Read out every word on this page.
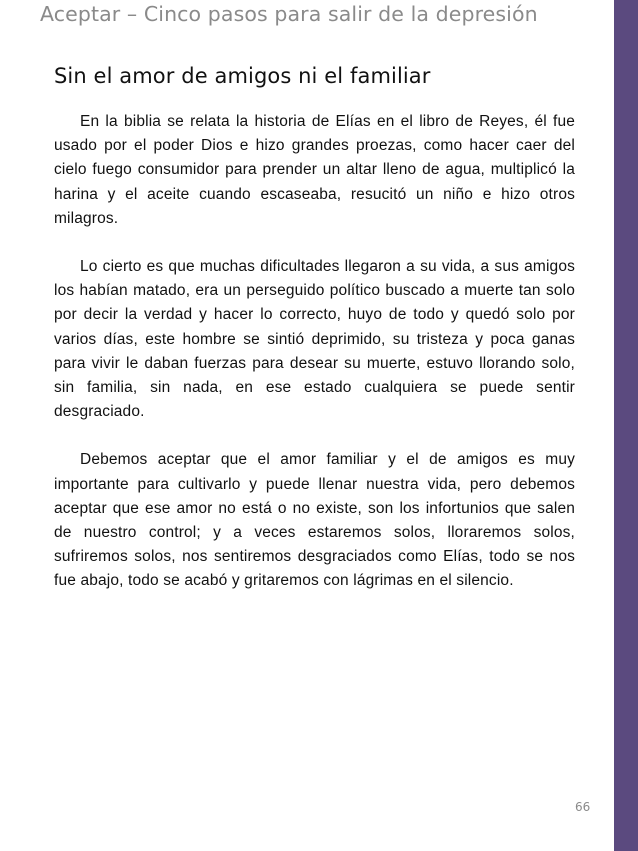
Aceptar – Cinco pasos para salir de la depresión
Sin el amor de amigos ni el familiar

En la biblia se relata la historia de Elías en el libro de Reyes, él fue usado por el poder Dios e hizo grandes proezas, como hacer caer del cielo fuego consumidor para prender un altar lleno de agua, multiplicó la harina y el aceite cuando escaseaba, resucitó un niño e hizo otros milagros.

Lo cierto es que muchas dificultades llegaron a su vida, a sus amigos los habían matado, era un perseguido político buscado a muerte tan solo por decir la verdad y hacer lo correcto, huyo de todo y quedó solo por varios días, este hombre se sintió deprimido, su tristeza y poca ganas para vivir le daban fuerzas para desear su muerte, estuvo llorando solo, sin familia, sin nada, en ese estado cualquiera se puede sentir desgraciado.

Debemos aceptar que el amor familiar y el de amigos es muy importante para cultivarlo y puede llenar nuestra vida, pero debemos aceptar que ese amor no está o no existe, son los infortunios que salen de nuestro control; y a veces estaremos solos, lloraremos solos, sufriremos solos, nos sentiremos desgraciados como Elías, todo se nos fue abajo, todo se acabó y gritaremos con lágrimas en el silencio.

66
